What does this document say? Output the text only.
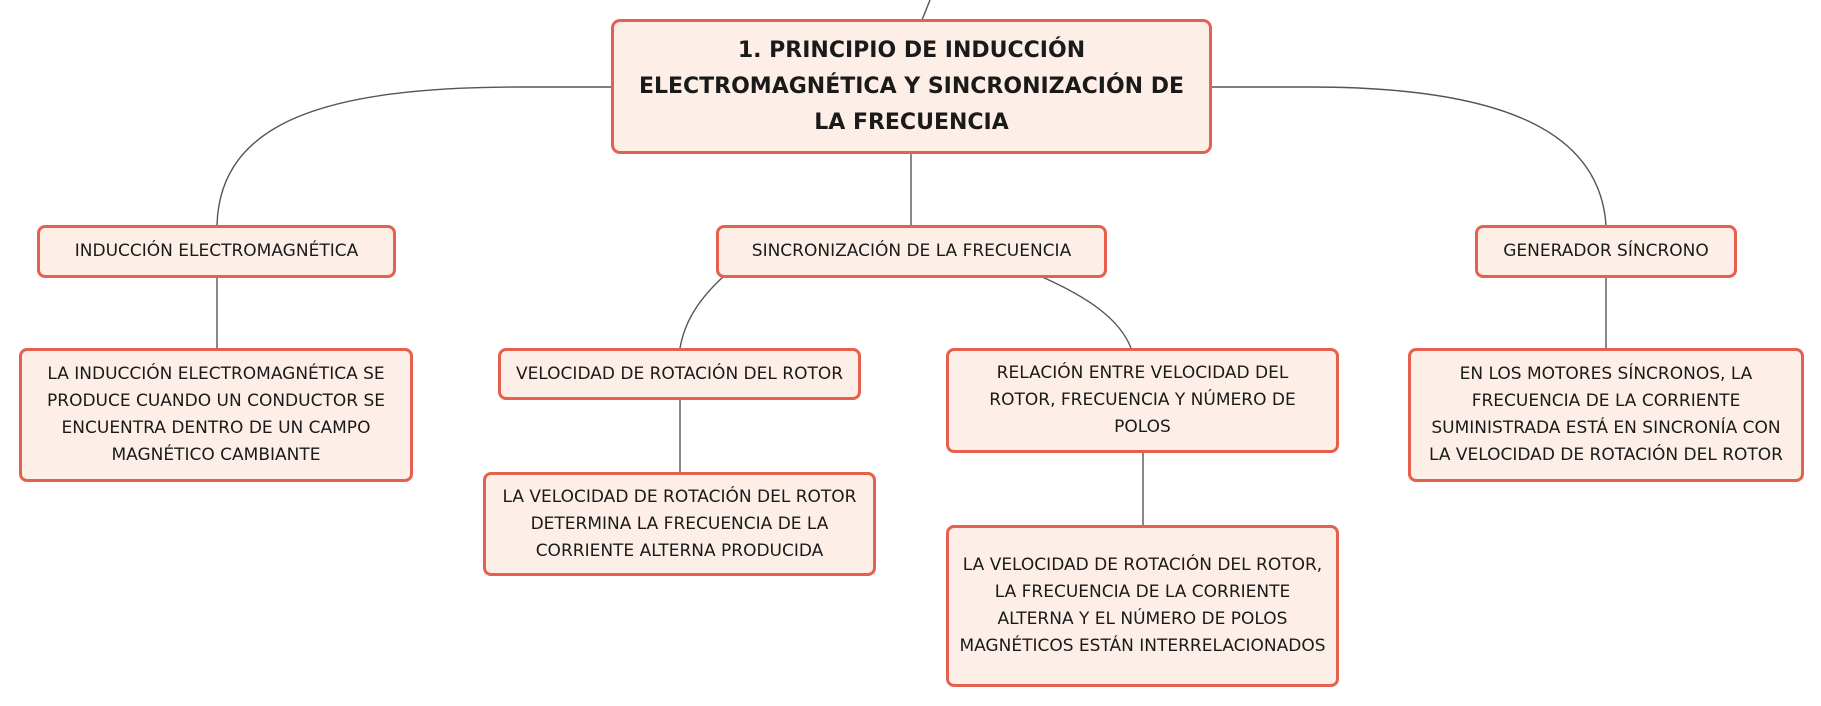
1. PRINCIPIO DE INDUCCIÓN ELECTROMAGNÉTICA Y SINCRONIZACIÓN DE LA FRECUENCIA
INDUCCIÓN ELECTROMAGNÉTICA
LA INDUCCIÓN ELECTROMAGNÉTICA SE PRODUCE CUANDO UN CONDUCTOR SE ENCUENTRA DENTRO DE UN CAMPO MAGNÉTICO CAMBIANTE
SINCRONIZACIÓN DE LA FRECUENCIA
VELOCIDAD DE ROTACIÓN DEL ROTOR
LA VELOCIDAD DE ROTACIÓN DEL ROTOR DETERMINA LA FRECUENCIA DE LA CORRIENTE ALTERNA PRODUCIDA
RELACIÓN ENTRE VELOCIDAD DEL ROTOR, FRECUENCIA Y NÚMERO DE POLOS
LA VELOCIDAD DE ROTACIÓN DEL ROTOR, LA FRECUENCIA DE LA CORRIENTE ALTERNA Y EL NÚMERO DE POLOS MAGNÉTICOS ESTÁN INTERRELACIONADOS
GENERADOR SÍNCRONO
EN LOS MOTORES SÍNCRONOS, LA FRECUENCIA DE LA CORRIENTE SUMINISTRADA ESTÁ EN SINCRONÍA CON LA VELOCIDAD DE ROTACIÓN DEL ROTOR
